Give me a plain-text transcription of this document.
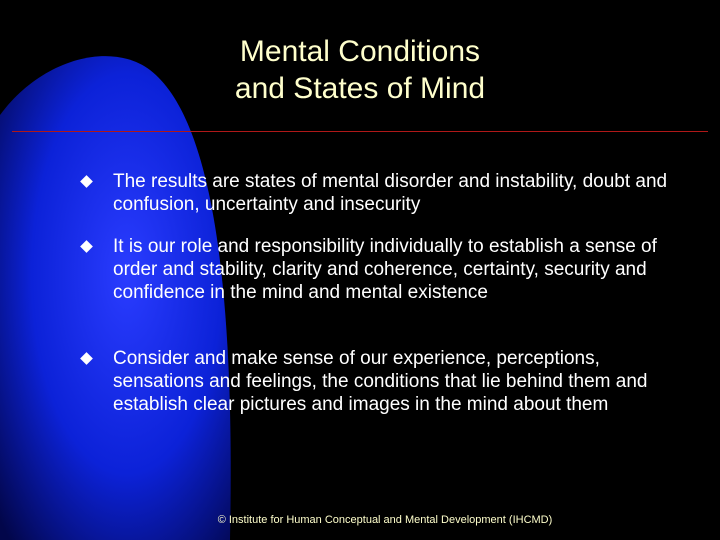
Mental Conditions
and States of Mind
The results are states of mental disorder and instability, doubt and confusion, uncertainty and insecurity
It is our role and responsibility individually to establish a sense of order and stability, clarity and coherence, certainty, security and confidence in the mind and mental existence
Consider and make sense of our experience, perceptions, sensations and feelings, the conditions that lie behind them and establish clear pictures and images in the mind about them
© Institute for Human Conceptual and Mental Development (IHCMD)
